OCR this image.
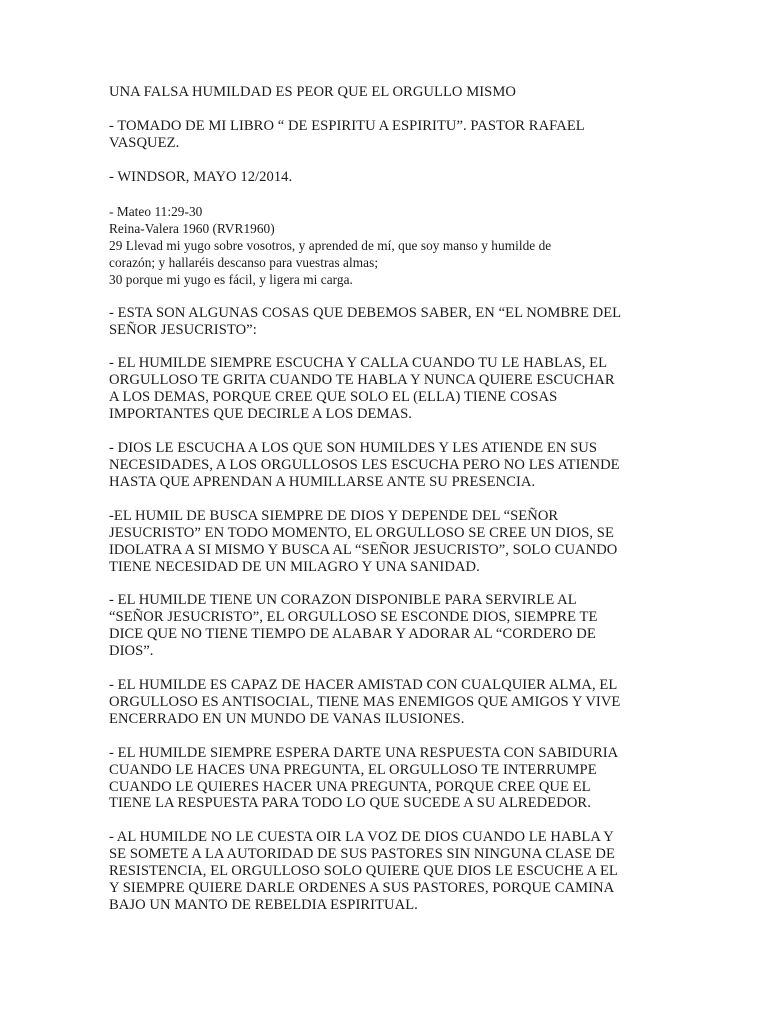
UNA FALSA HUMILDAD ES PEOR QUE EL ORGULLO MISMO

- TOMADO DE MI LIBRO “ DE ESPIRITU A ESPIRITU”. PASTOR RAFAEL
VASQUEZ.

- WINDSOR, MAYO 12/2014.

- Mateo 11:29-30
Reina-Valera 1960 (RVR1960)
29 Llevad mi yugo sobre vosotros, y aprended de mí, que soy manso y humilde de
corazón; y hallaréis descanso para vuestras almas;
30 porque mi yugo es fácil, y ligera mi carga.

- ESTA SON ALGUNAS COSAS QUE DEBEMOS SABER, EN “EL NOMBRE DEL
SEÑOR JESUCRISTO”:

- EL HUMILDE SIEMPRE ESCUCHA Y CALLA CUANDO TU LE HABLAS, EL
ORGULLOSO TE GRITA CUANDO TE HABLA Y NUNCA QUIERE ESCUCHAR
A LOS DEMAS, PORQUE CREE QUE SOLO EL (ELLA) TIENE COSAS
IMPORTANTES QUE DECIRLE A LOS DEMAS.

- DIOS LE ESCUCHA A LOS QUE SON HUMILDES Y LES ATIENDE EN SUS
NECESIDADES, A LOS ORGULLOSOS LES ESCUCHA PERO NO LES ATIENDE
HASTA QUE APRENDAN A HUMILLARSE ANTE SU PRESENCIA.

-EL HUMIL DE BUSCA SIEMPRE DE DIOS Y DEPENDE DEL “SEÑOR
JESUCRISTO” EN TODO MOMENTO, EL ORGULLOSO SE CREE UN DIOS, SE
IDOLATRA A SI MISMO Y BUSCA AL “SEÑOR JESUCRISTO”, SOLO CUANDO
TIENE NECESIDAD DE UN MILAGRO Y UNA SANIDAD.

- EL HUMILDE TIENE UN CORAZON DISPONIBLE PARA SERVIRLE AL
“SEÑOR JESUCRISTO”, EL ORGULLOSO SE ESCONDE DIOS, SIEMPRE TE
DICE QUE NO TIENE TIEMPO DE ALABAR Y ADORAR AL “CORDERO DE
DIOS”.

- EL HUMILDE ES CAPAZ DE HACER AMISTAD CON CUALQUIER ALMA, EL
ORGULLOSO ES ANTISOCIAL, TIENE MAS ENEMIGOS QUE AMIGOS Y VIVE
ENCERRADO EN UN MUNDO DE VANAS ILUSIONES.

- EL HUMILDE SIEMPRE ESPERA DARTE UNA RESPUESTA CON SABIDURIA
CUANDO LE HACES UNA PREGUNTA, EL ORGULLOSO TE INTERRUMPE
CUANDO LE QUIERES HACER UNA PREGUNTA, PORQUE CREE QUE EL
TIENE LA RESPUESTA PARA TODO LO QUE SUCEDE A SU ALREDEDOR.

- AL HUMILDE NO LE CUESTA OIR LA VOZ DE DIOS CUANDO LE HABLA Y
SE SOMETE A LA AUTORIDAD DE SUS PASTORES SIN NINGUNA CLASE DE
RESISTENCIA, EL ORGULLOSO SOLO QUIERE QUE DIOS LE ESCUCHE A EL
Y SIEMPRE QUIERE DARLE ORDENES A SUS PASTORES, PORQUE CAMINA
BAJO UN MANTO DE REBELDIA ESPIRITUAL.
